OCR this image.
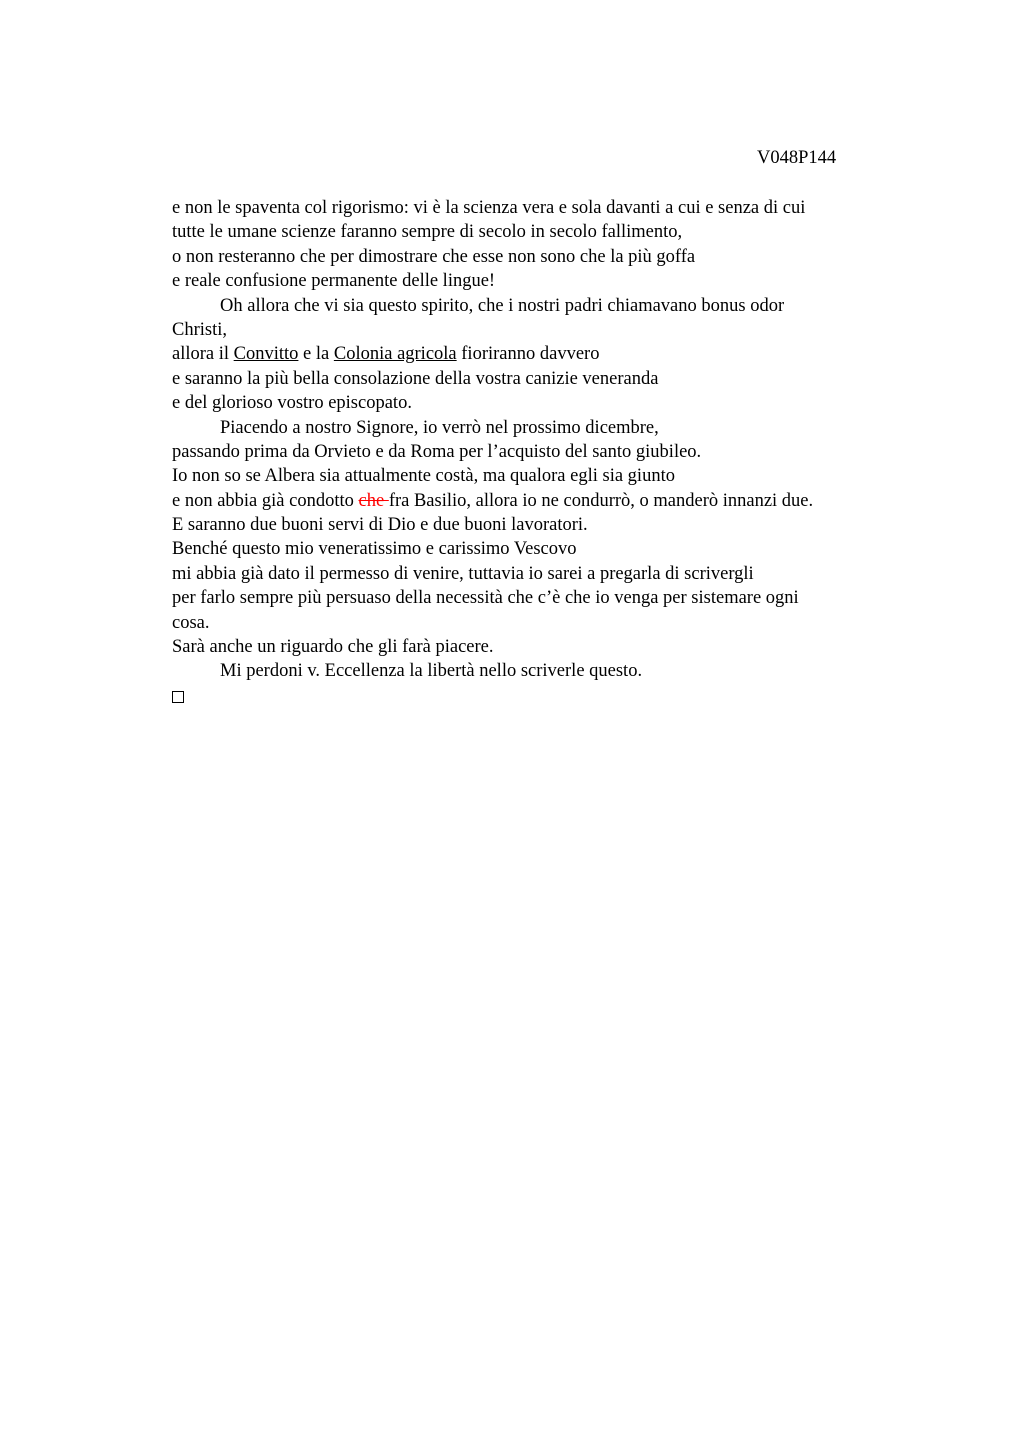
V048P144
e non le spaventa col rigorismo: vi è la scienza vera e sola davanti a cui e senza di cui
tutte le umane scienze faranno sempre di secolo in secolo fallimento,
o non resteranno che per dimostrare che esse non sono che la più goffa
e reale confusione permanente delle lingue!
Oh allora che vi sia questo spirito, che i nostri padri chiamavano bonus odor
Christi,
allora il Convitto e la Colonia agricola fioriranno davvero
e saranno la più bella consolazione della vostra canizie veneranda
e del glorioso vostro episcopato.
Piacendo a nostro Signore, io verrò nel prossimo dicembre,
passando prima da Orvieto e da Roma per l’acquisto del santo giubileo.
Io non so se Albera sia attualmente costà, ma qualora egli sia giunto
e non abbia già condotto che fra Basilio, allora io ne condurrò, o manderò innanzi due.
E saranno due buoni servi di Dio e due buoni lavoratori.
Benché questo mio veneratissimo e carissimo Vescovo
mi abbia già dato il permesso di venire, tuttavia io sarei a pregarla di scrivergli
per farlo sempre più persuaso della necessità che c’è che io venga per sistemare ogni
cosa.
Sarà anche un riguardo che gli farà piacere.
Mi perdoni v. Eccellenza la libertà nello scriverle questo.
